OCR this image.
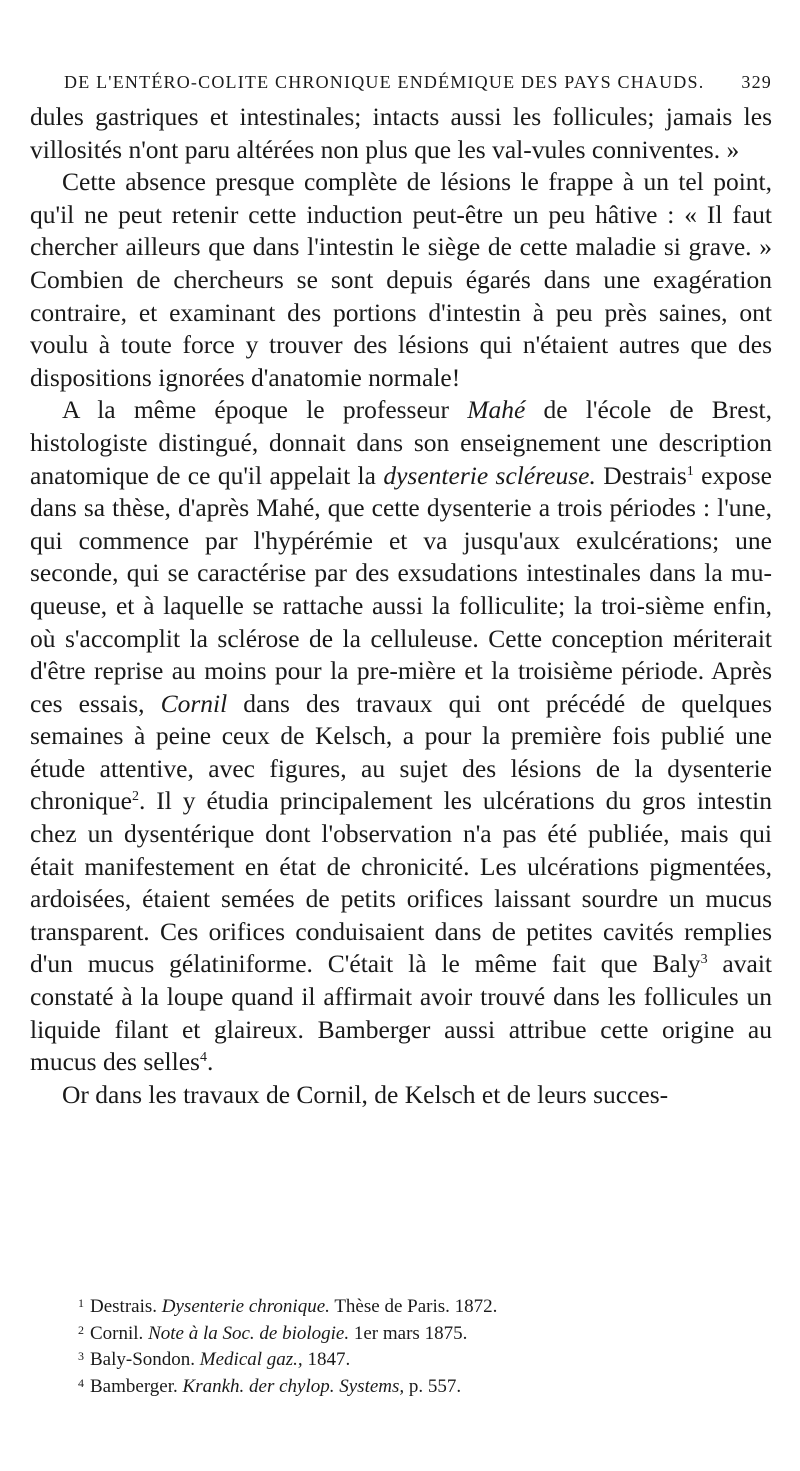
DE L'ENTÉRO-COLITE CHRONIQUE ENDÉMIQUE DES PAYS CHAUDS. 329

dules gastriques et intestinales; intacts aussi les follicules; jamais les villosités n'ont paru altérées non plus que les val-vules conniventes. »

Cette absence presque complète de lésions le frappe à un tel point, qu'il ne peut retenir cette induction peut-être un peu hâtive : « Il faut chercher ailleurs que dans l'intestin le siège de cette maladie si grave. » Combien de chercheurs se sont depuis égarés dans une exagération contraire, et examinant des portions d'intestin à peu près saines, ont voulu à toute force y trouver des lésions qui n'étaient autres que des dispositions ignorées d'anatomie normale!

A la même époque le professeur Mahé de l'école de Brest, histologiste distingué, donnait dans son enseignement une description anatomique de ce qu'il appelait la dysenterie scléreuse. Destrais$^1$ expose dans sa thèse, d'après Mahé, que cette dysenterie a trois périodes : l'une, qui commence par l'hypérémie et va jusqu'aux exulcérations; une seconde, qui se caractérise par des exsudations intestinales dans la mu-queuse, et à laquelle se rattache aussi la folliculite; la troi-sième enfin, où s'accomplit la sclérose de la celluleuse. Cette conception mériterait d'être reprise au moins pour la pre-mière et la troisième période. Après ces essais, Cornil dans des travaux qui ont précédé de quelques semaines à peine ceux de Kelsch, a pour la première fois publié une étude attentive, avec figures, au sujet des lésions de la dysenterie chronique$^2$. Il y étudia principalement les ulcérations du gros intestin chez un dysentérique dont l'observation n'a pas été publiée, mais qui était manifestement en état de chronicité. Les ulcérations pigmentées, ardoisées, étaient semées de petits orifices laissant sourdre un mucus transparent. Ces orifices conduisaient dans de petites cavités remplies d'un mucus gélatiniforme. C'était là le même fait que Baly$^3$ avait constaté à la loupe quand il affirmait avoir trouvé dans les follicules un liquide filant et glaireux. Bamberger aussi attribue cette origine au mucus des selles$^4$.

Or dans les travaux de Cornil, de Kelsch et de leurs succes-

$^1$ Destrais. Dysenterie chronique. Thèse de Paris. 1872.

$^2$ Cornil. Note à la Soc. de biologie. 1er mars 1875.

$^3$ Baly-Sondon. Medical gaz., 1847.

$^4$ Bamberger. Krankh. der chylop. Systems, p. 557.
